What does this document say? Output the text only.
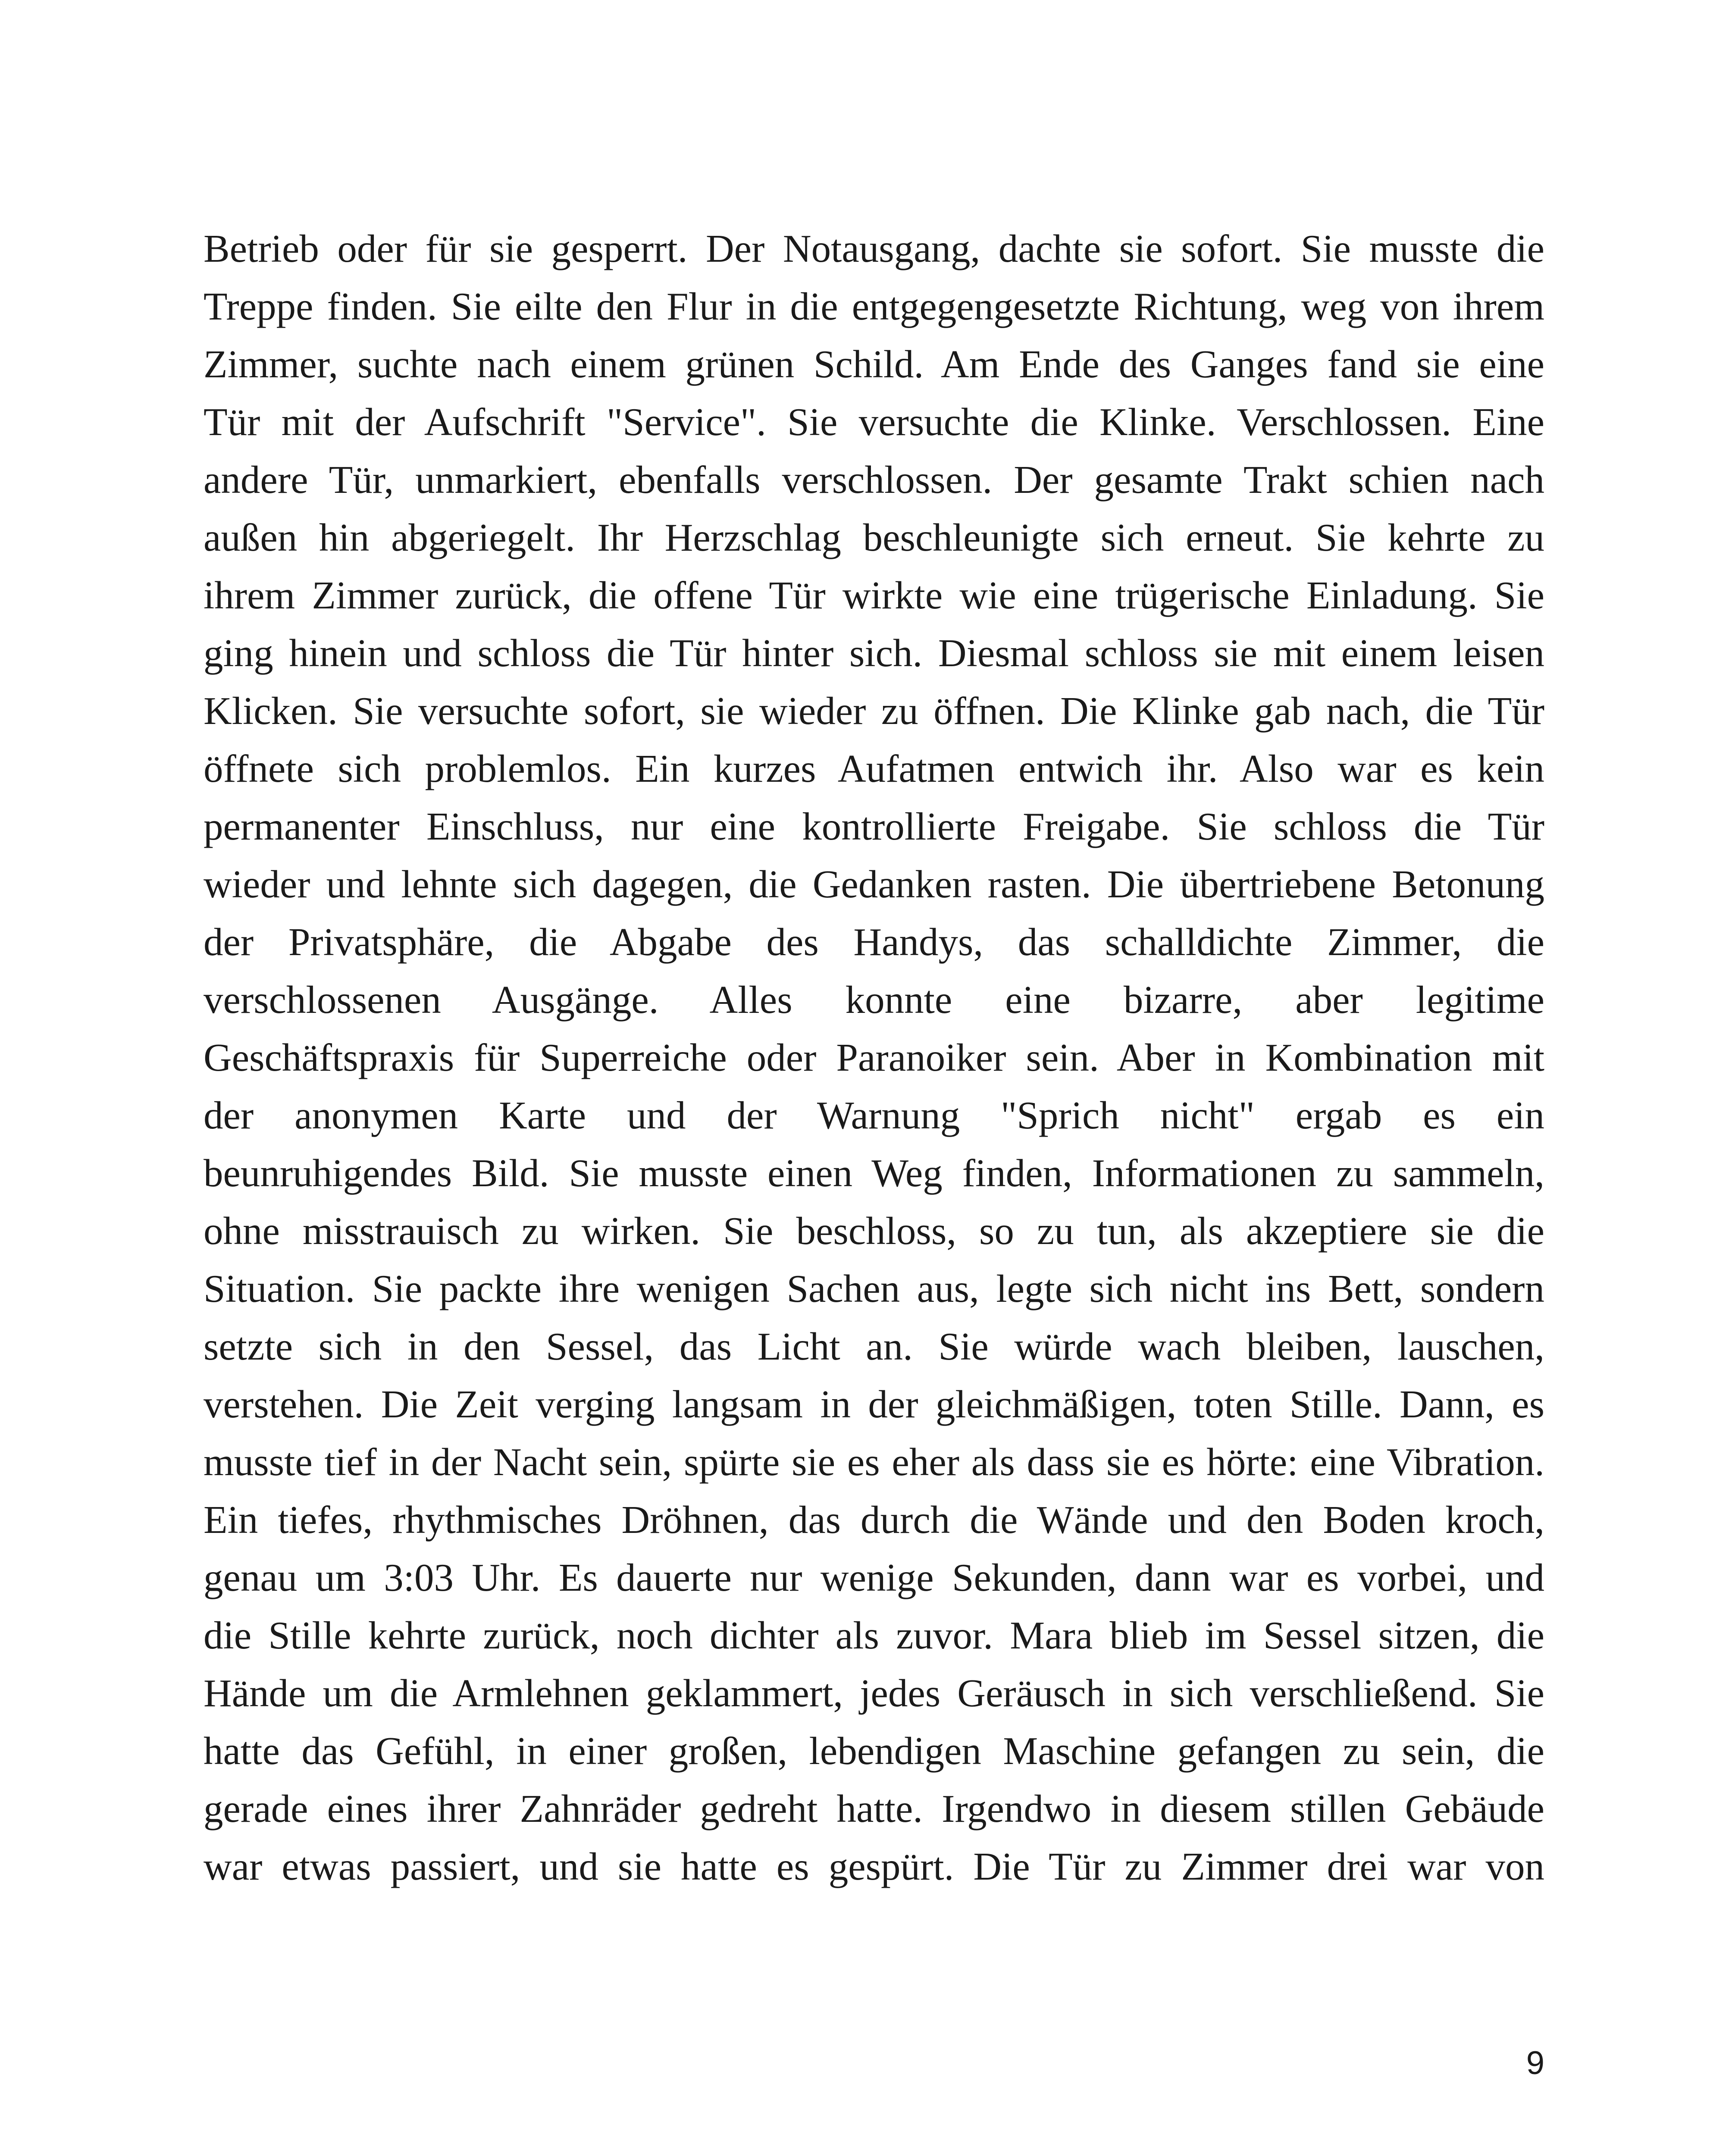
Betrieb oder für sie gesperrt. Der Notausgang, dachte sie sofort. Sie musste die
Treppe finden. Sie eilte den Flur in die entgegengesetzte Richtung, weg von ihrem
Zimmer, suchte nach einem grünen Schild. Am Ende des Ganges fand sie eine
Tür mit der Aufschrift "Service". Sie versuchte die Klinke. Verschlossen. Eine
andere Tür, unmarkiert, ebenfalls verschlossen. Der gesamte Trakt schien nach
außen hin abgeriegelt. Ihr Herzschlag beschleunigte sich erneut. Sie kehrte zu
ihrem Zimmer zurück, die offene Tür wirkte wie eine trügerische Einladung. Sie
ging hinein und schloss die Tür hinter sich. Diesmal schloss sie mit einem leisen
Klicken. Sie versuchte sofort, sie wieder zu öffnen. Die Klinke gab nach, die Tür
öffnete sich problemlos. Ein kurzes Aufatmen entwich ihr. Also war es kein
permanenter Einschluss, nur eine kontrollierte Freigabe. Sie schloss die Tür
wieder und lehnte sich dagegen, die Gedanken rasten. Die übertriebene Betonung
der Privatsphäre, die Abgabe des Handys, das schalldichte Zimmer, die
verschlossenen Ausgänge. Alles konnte eine bizarre, aber legitime
Geschäftspraxis für Superreiche oder Paranoiker sein. Aber in Kombination mit
der anonymen Karte und der Warnung "Sprich nicht" ergab es ein
beunruhigendes Bild. Sie musste einen Weg finden, Informationen zu sammeln,
ohne misstrauisch zu wirken. Sie beschloss, so zu tun, als akzeptiere sie die
Situation. Sie packte ihre wenigen Sachen aus, legte sich nicht ins Bett, sondern
setzte sich in den Sessel, das Licht an. Sie würde wach bleiben, lauschen,
verstehen. Die Zeit verging langsam in der gleichmäßigen, toten Stille. Dann, es
musste tief in der Nacht sein, spürte sie es eher als dass sie es hörte: eine Vibration.
Ein tiefes, rhythmisches Dröhnen, das durch die Wände und den Boden kroch,
genau um 3:03 Uhr. Es dauerte nur wenige Sekunden, dann war es vorbei, und
die Stille kehrte zurück, noch dichter als zuvor. Mara blieb im Sessel sitzen, die
Hände um die Armlehnen geklammert, jedes Geräusch in sich verschließend. Sie
hatte das Gefühl, in einer großen, lebendigen Maschine gefangen zu sein, die
gerade eines ihrer Zahnräder gedreht hatte. Irgendwo in diesem stillen Gebäude
war etwas passiert, und sie hatte es gespürt. Die Tür zu Zimmer drei war von
9
